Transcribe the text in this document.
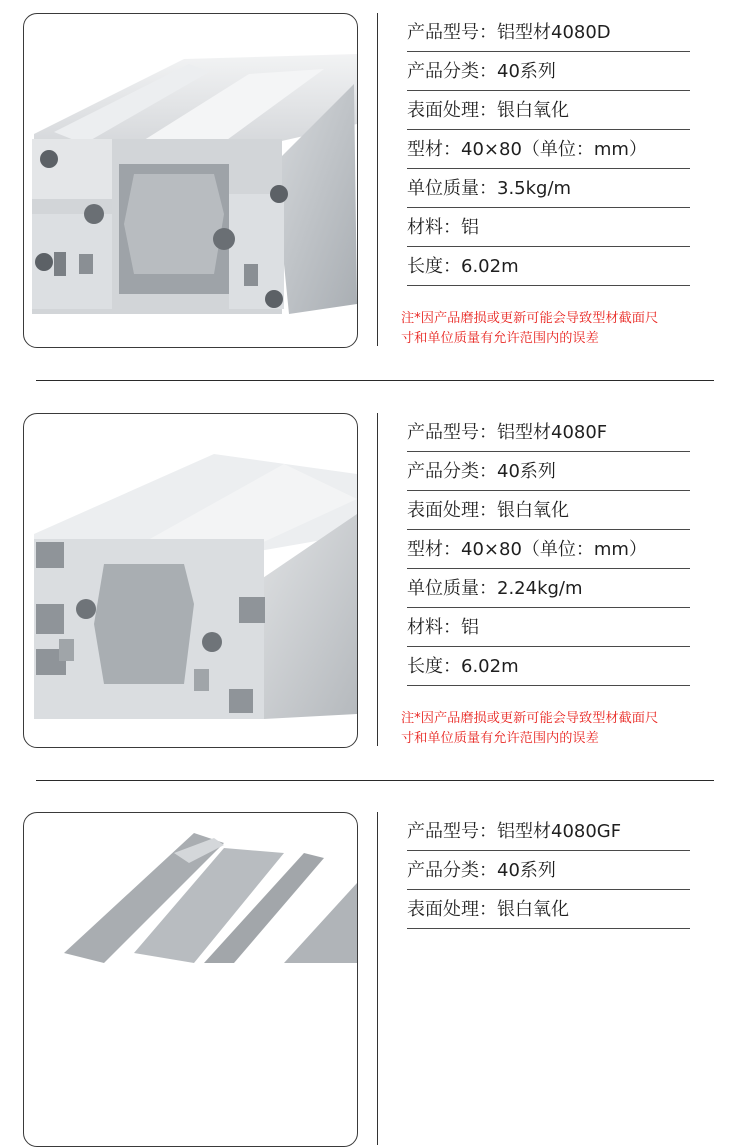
产品型号：铝型材4080D
产品分类：40系列
表面处理：银白氧化
型材：40×80（单位：mm）
单位质量：3.5kg/m
材料：铝
长度：6.02m

注*因产品磨损或更新可能会导致型材截面尺
寸和单位质量有允许范围内的误差

产品型号：铝型材4080F
产品分类：40系列
表面处理：银白氧化
型材：40×80（单位：mm）
单位质量：2.24kg/m
材料：铝
长度：6.02m

注*因产品磨损或更新可能会导致型材截面尺
寸和单位质量有允许范围内的误差

产品型号：铝型材4080GF
产品分类：40系列
表面处理：银白氧化
